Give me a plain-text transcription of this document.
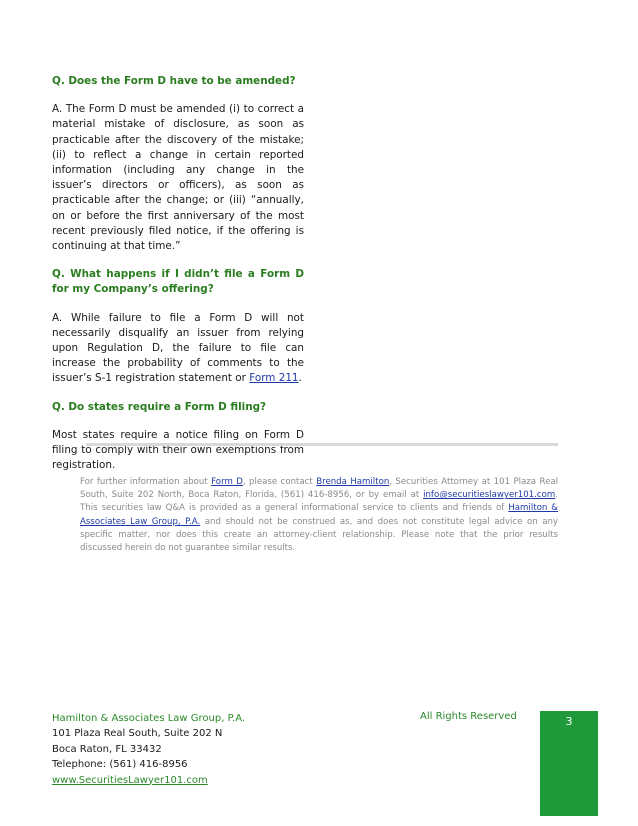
Q. Does the Form D have to be amended?

A. The Form D must be amended (i) to correct a material mistake of disclosure, as soon as practicable after the discovery of the mistake; (ii) to reflect a change in certain reported information (including any change in the issuer’s directors or officers), as soon as practicable after the change; or (iii) “annually, on or before the first anniversary of the most recent previously filed notice, if the offering is continuing at that time.”

Q. What happens if I didn’t file a Form D for my Company’s offering?

A. While failure to file a Form D will not necessarily disqualify an issuer from relying upon Regulation D, the failure to file can increase the probability of comments to the issuer’s S-1 registration statement or Form 211.

Q. Do states require a Form D filing?

Most states require a notice filing on Form D filing to comply with their own exemptions from registration.

For further information about Form D, please contact Brenda Hamilton, Securities Attorney at 101 Plaza Real South, Suite 202 North, Boca Raton, Florida, (561) 416-8956, or by email at info@securitieslawyer101.com. This securities law Q&A is provided as a general informational service to clients and friends of Hamilton & Associates Law Group, P.A. and should not be construed as, and does not constitute legal advice on any specific matter, nor does this create an attorney-client relationship. Please note that the prior results discussed herein do not guarantee similar results.
Hamilton & Associates Law Group, P.A.
101 Plaza Real South, Suite 202 N
Boca Raton, FL 33432
Telephone: (561) 416-8956
www.SecuritiesLawyer101.com
All Rights Reserved	3
